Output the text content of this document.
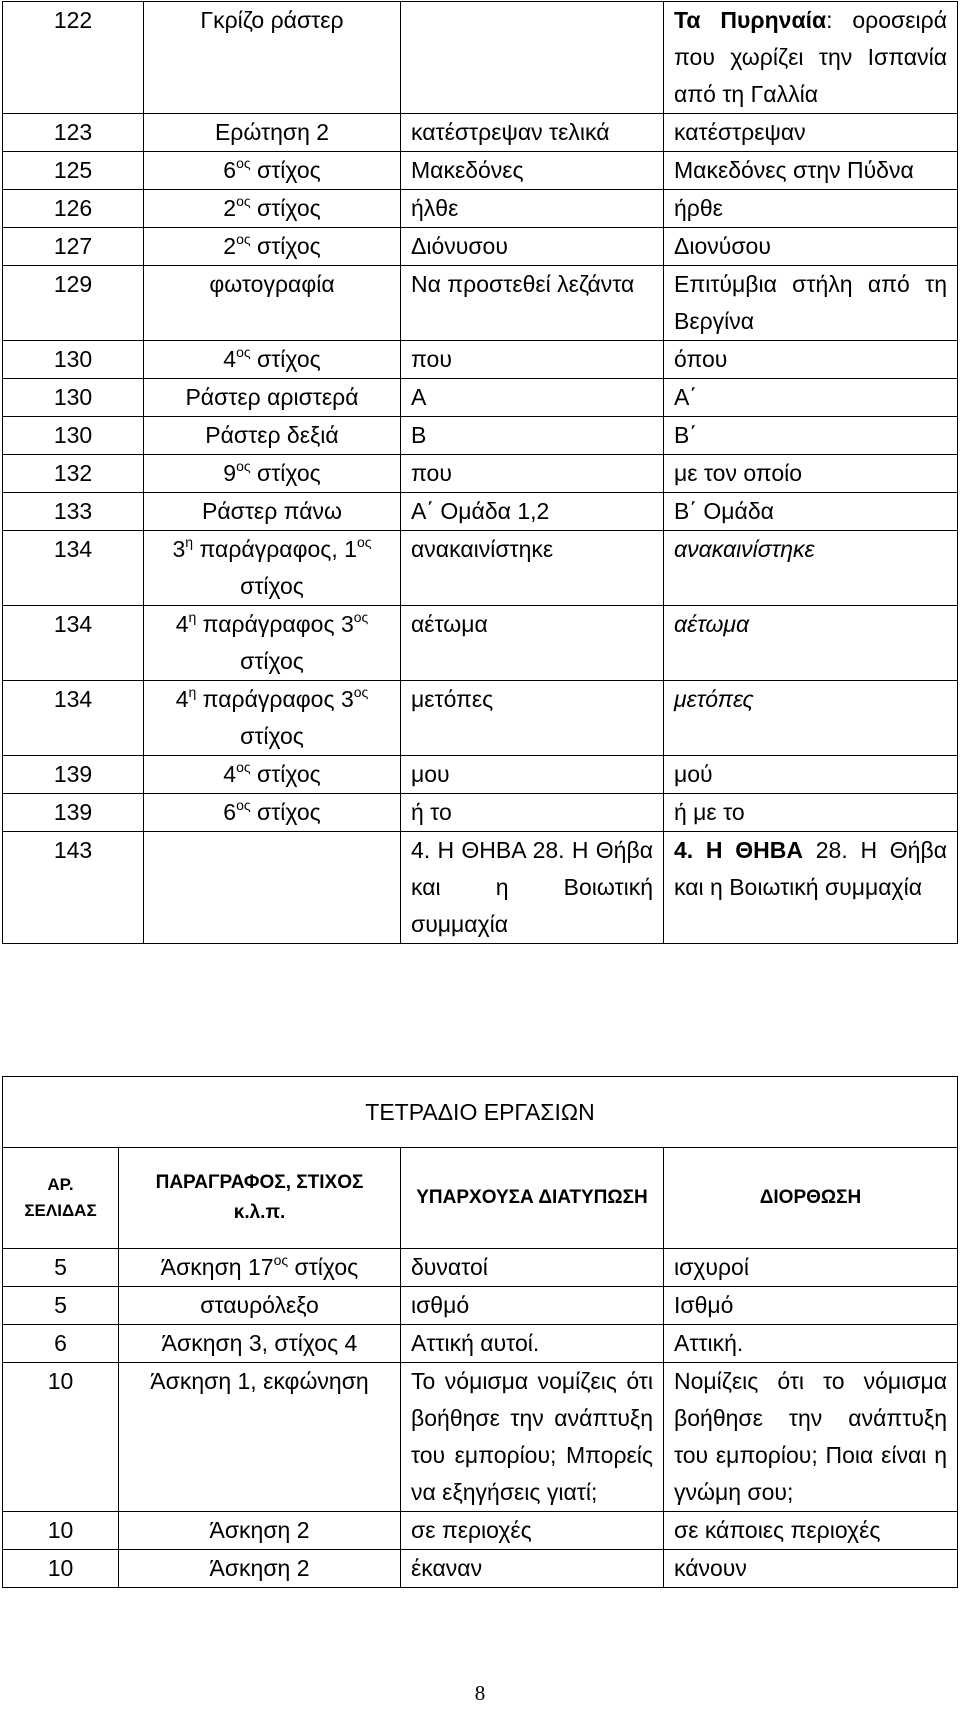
122	Γκρίζο ράστερ		Τα Πυρηναία: οροσειρά που χωρίζει την Ισπανία από τη Γαλλία
123	Ερώτηση 2	κατέστρεψαν τελικά	κατέστρεψαν
125	$6^{o\varsigma}$ στίχος	Μακεδόνες	Μακεδόνες στην Πύδνα
126	$2^{o\varsigma}$ στίχος	ήλθε	ήρθε
127	$2^{o\varsigma}$ στίχος	Διόνυσου	Διονύσου
129	φωτογραφία	Να προστεθεί λεζάντα	Επιτύμβια στήλη από τη Βεργίνα
130	$4^{o\varsigma}$ στίχος	που	όπου
130	Ράστερ αριστερά	Α	Α΄
130	Ράστερ δεξιά	Β	Β΄
132	$9^{o\varsigma}$ στίχος	που	με τον οποίο
133	Ράστερ πάνω	Α΄ Ομάδα 1,2	Β΄ Ομάδα
134	$3^\eta$ παράγραφος, $1^{o\varsigma}$ στίχος	ανακαινίστηκε	ανακαινίστηκε
134	$4^\eta$ παράγραφος $3^{o\varsigma}$ στίχος	αέτωμα	αέτωμα
134	$4^\eta$ παράγραφος $3^{o\varsigma}$ στίχος	μετόπες	μετόπες
139	$4^{o\varsigma}$ στίχος	μου	μού
139	$6^{o\varsigma}$ στίχος	ή το	ή με το
143		4. Η ΘΗΒΑ 28. Η Θήβα και η Βοιωτική συμμαχία	4. Η ΘΗΒΑ 28. Η Θήβα και η Βοιωτική συμμαχία
ΤΕΤΡΑΔΙΟ ΕΡΓΑΣΙΩΝ			
ΑΡ. ΣΕΛΙΔΑΣ	ΠΑΡΑΓΡΑΦΟΣ, ΣΤΙΧΟΣ κ.λ.π.	ΥΠΑΡΧΟΥΣΑ ΔΙΑΤΥΠΩΣΗ	ΔΙΟΡΘΩΣΗ
5	Άσκηση $17^{o\varsigma}$ στίχος	δυνατοί	ισχυροί
5	σταυρόλεξο	ισθμό	Ισθμό
6	Άσκηση 3, στίχος 4	Αττική αυτοί.	Αττική.
10	Άσκηση 1, εκφώνηση	Το νόμισμα νομίζεις ότι βοήθησε την ανάπτυξη του εμπορίου; Μπορείς να εξηγήσεις γιατί;	Νομίζεις ότι το νόμισμα βοήθησε την ανάπτυξη του εμπορίου; Ποια είναι η γνώμη σου;
10	Άσκηση 2	σε περιοχές	σε κάποιες περιοχές
10	Άσκηση 2	έκαναν	κάνουν
8
